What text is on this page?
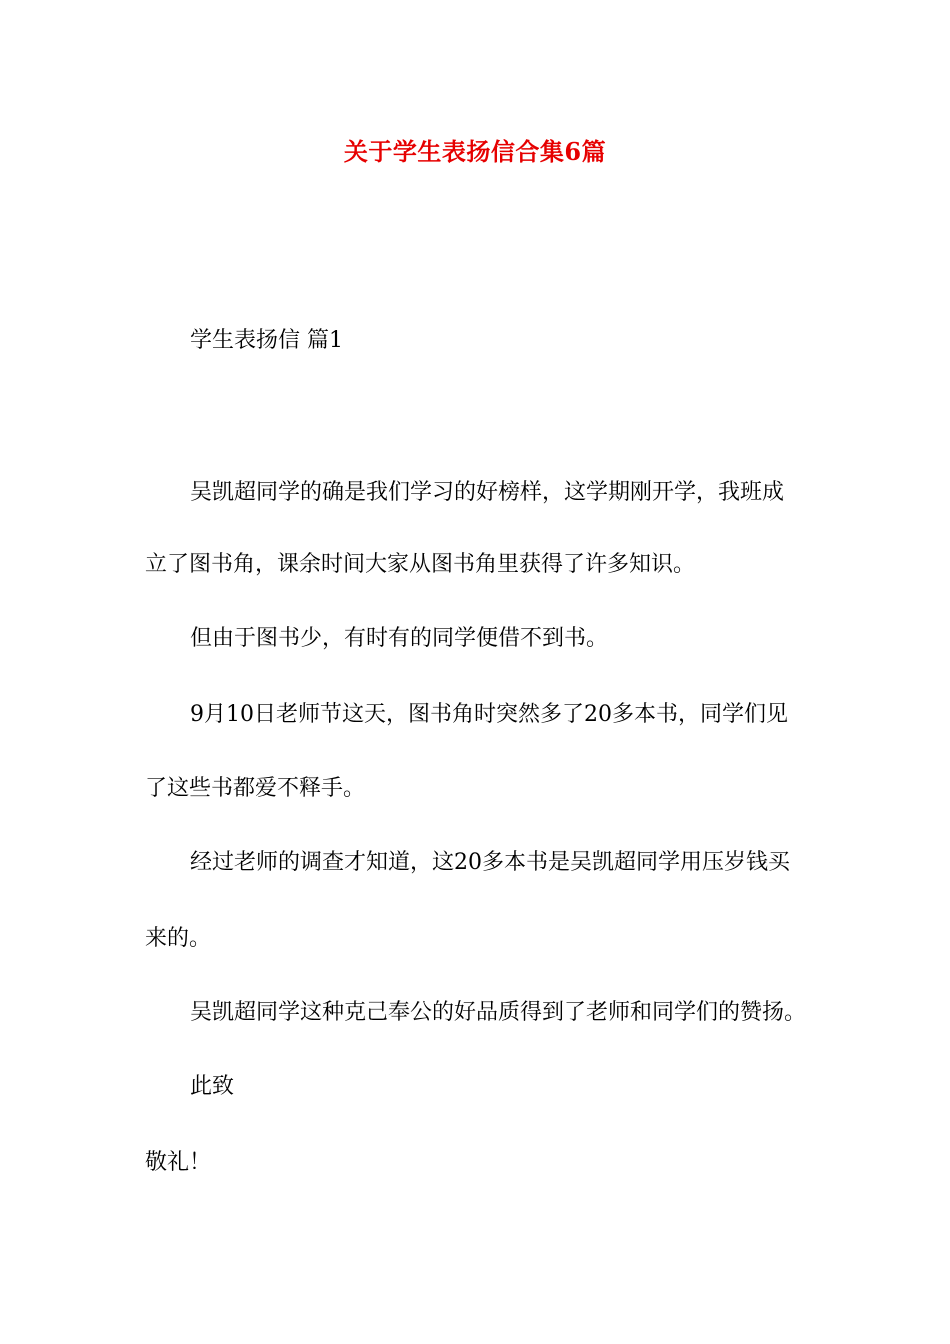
关于学生表扬信合集6篇
学生表扬信 篇1
吴凯超同学的确是我们学习的好榜样，这学期刚开学，我班成
立了图书角，课余时间大家从图书角里获得了许多知识。
但由于图书少，有时有的同学便借不到书。
9月10日老师节这天，图书角时突然多了20多本书，同学们见
了这些书都爱不释手。
经过老师的调查才知道，这20多本书是吴凯超同学用压岁钱买
来的。
吴凯超同学这种克己奉公的好品质得到了老师和同学们的赞扬。
此致
敬礼！
